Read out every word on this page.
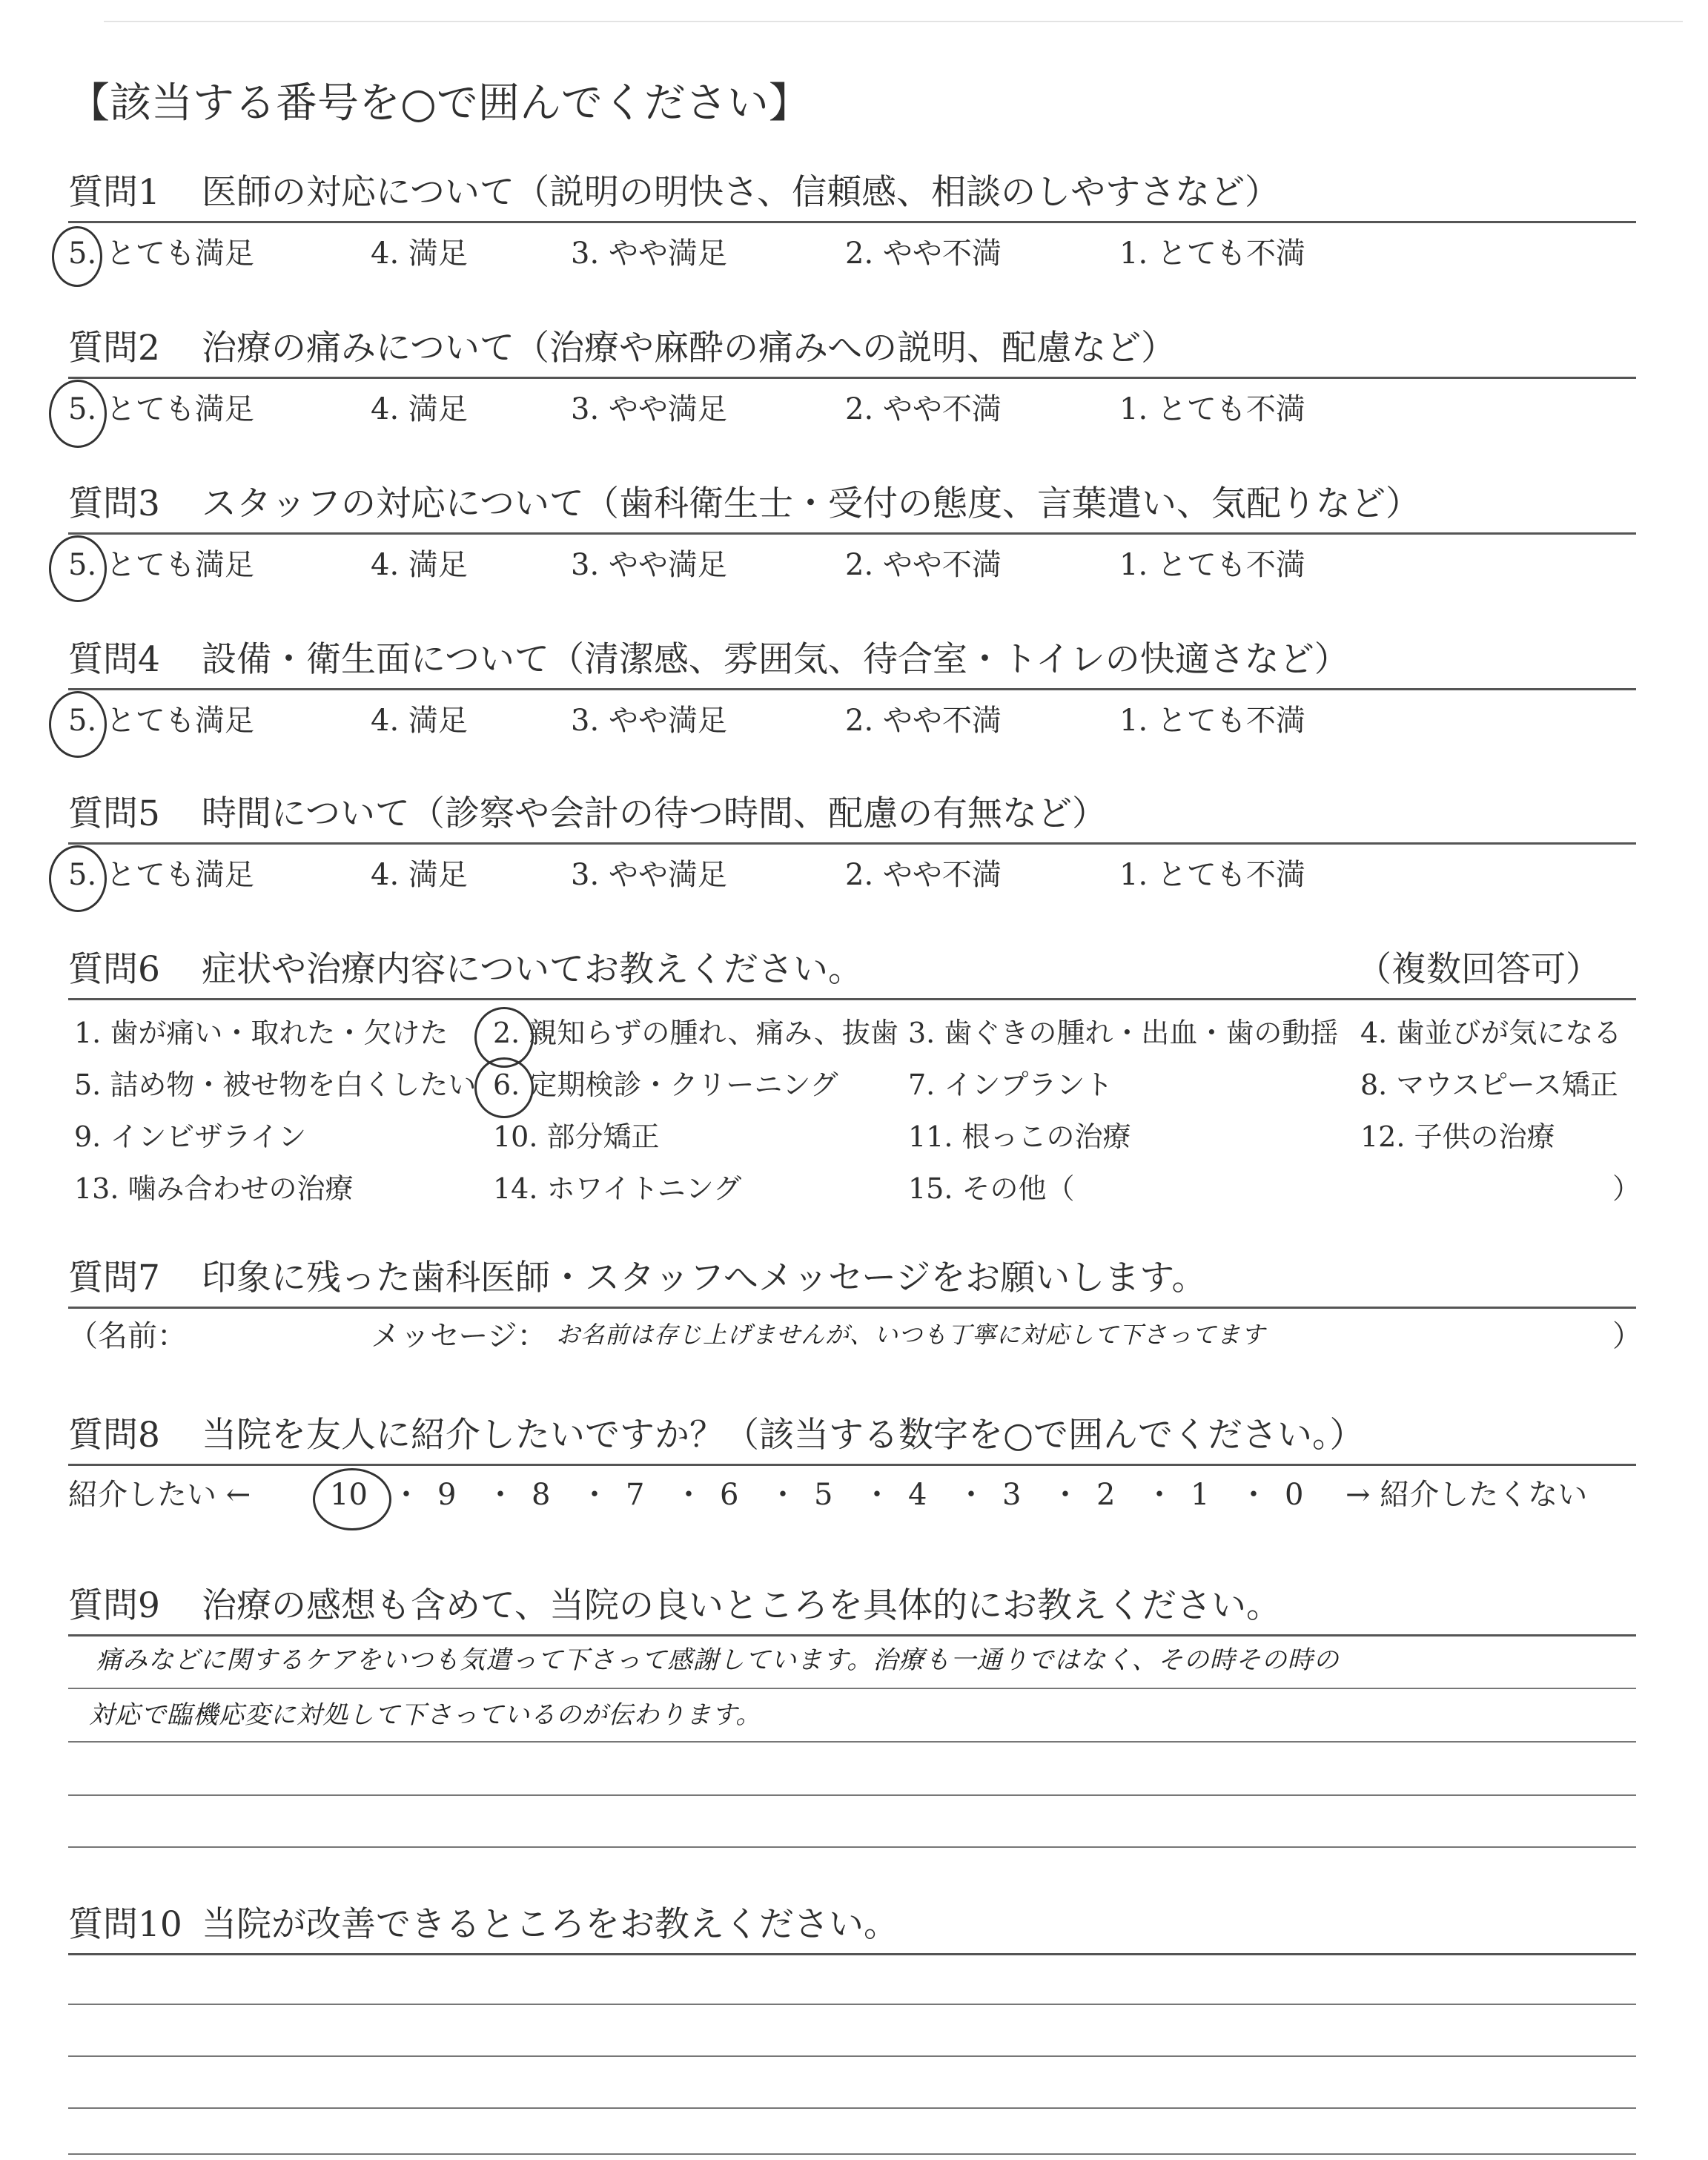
【該当する番号を○で囲んでください】
質問1 医師の対応について（説明の明快さ、信頼感、相談のしやすさなど）
5. とても満足	4. 満足	3. やや満足	2. やや不満	1. とても不満
質問2 治療の痛みについて（治療や麻酔の痛みへの説明、配慮など）
5. とても満足	4. 満足	3. やや満足	2. やや不満	1. とても不満
質問3 スタッフの対応について（歯科衛生士・受付の態度、言葉遣い、気配りなど）
5. とても満足	4. 満足	3. やや満足	2. やや不満	1. とても不満
質問4 設備・衛生面について（清潔感、雰囲気、待合室・トイレの快適さなど）
5. とても満足	4. 満足	3. やや満足	2. やや不満	1. とても不満
質問5 時間について（診察や会計の待つ時間、配慮の有無など）
5. とても満足	4. 満足	3. やや満足	2. やや不満	1. とても不満
質問6 症状や治療内容についてお教えください。	（複数回答可）
1. 歯が痛い・取れた・欠けた 2. 親知らずの腫れ、痛み、抜歯 3. 歯ぐきの腫れ・出血・歯の動揺 4. 歯並びが気になる
5. 詰め物・被せ物を白くしたい 6. 定期検診・クリーニング 7. インプラント	8. マウスピース矯正
9. インビザライン	10. 部分矯正	11. 根っこの治療	12. 子供の治療
13. 噛み合わせの治療	14. ホワイトニング	15. その他（	）
質問7 印象に残った歯科医師・スタッフへメッセージをお願いします。
（名前：	メッセージ： お名前は存じ上げませんが、いつも丁寧に対応して下さってます	）
質問8 当院を友人に紹介したいですか？（該当する数字を○で囲んでください。）
紹介したい ←	10 ・ 9 ・ 8 ・ 7 ・ 6 ・ 5 ・ 4 ・ 3 ・ 2 ・ 1 ・ 0 → 紹介したくない
質問9 治療の感想も含めて、当院の良いところを具体的にお教えください。
痛みなどに関するケアをいつも気遣って下さって感謝しています。治療も一通りではなく、その時その時の
対応で臨機応変に対処して下さっているのが伝わります。
質問10 当院が改善できるところをお教えください。
